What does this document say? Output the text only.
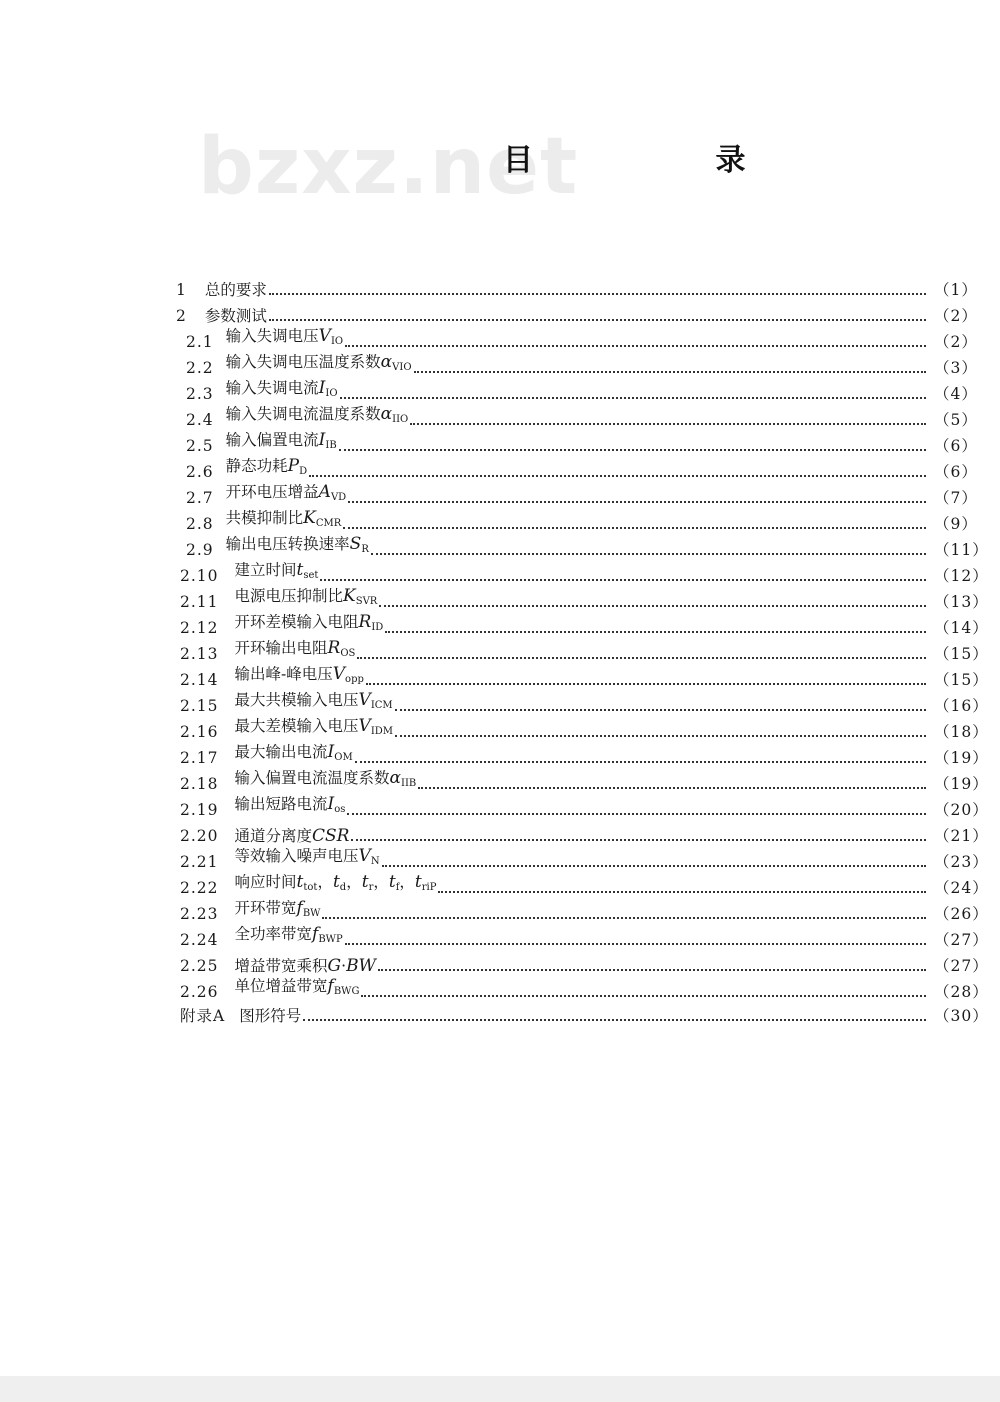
bzxz.net
目 录
1 总的要求	（1）
2 参数测试	（2）
2.1 输入失调电压$V_{IO}$	（2）
2.2 输入失调电压温度系数$\alpha_{VIO}$	（3）
2.3 输入失调电流$I_{IO}$	（4）
2.4 输入失调电流温度系数$\alpha_{IIO}$	（5）
2.5 输入偏置电流$I_{IB}$	（6）
2.6 静态功耗$P_D$	（6）
2.7 开环电压增益$A_{VD}$	（7）
2.8 共模抑制比$K_{CMR}$	（9）
2.9 输出电压转换速率$S_R$	（11）
2.10 建立时间$t_{set}$	（12）
2.11 电源电压抑制比$K_{SVR}$	（13）
2.12 开环差模输入电阻$R_{ID}$	（14）
2.13 开环输出电阻$R_{OS}$	（15）
2.14 输出峰-峰电压$V_{opp}$	（15）
2.15 最大共模输入电压$V_{ICM}$	（16）
2.16 最大差模输入电压$V_{IDM}$	（18）
2.17 最大输出电流$I_{OM}$	（19）
2.18 输入偏置电流温度系数$\alpha_{IIB}$	（19）
2.19 输出短路电流$I_{os}$	（20）
2.20 通道分离度CSR	（21）
2.21 等效输入噪声电压$V_N$	（23）
2.22 响应时间$t_{tot}$，$t_d$，$t_r$，$t_f$，$t_{riP}$	（24）
2.23 开环带宽$f_{BW}$	（26）
2.24 全功率带宽$f_{BWP}$	（27）
2.25 增益带宽乘积G·BW	（27）
2.26 单位增益带宽$f_{BWG}$	（28）
附录A 图形符号	（30）
